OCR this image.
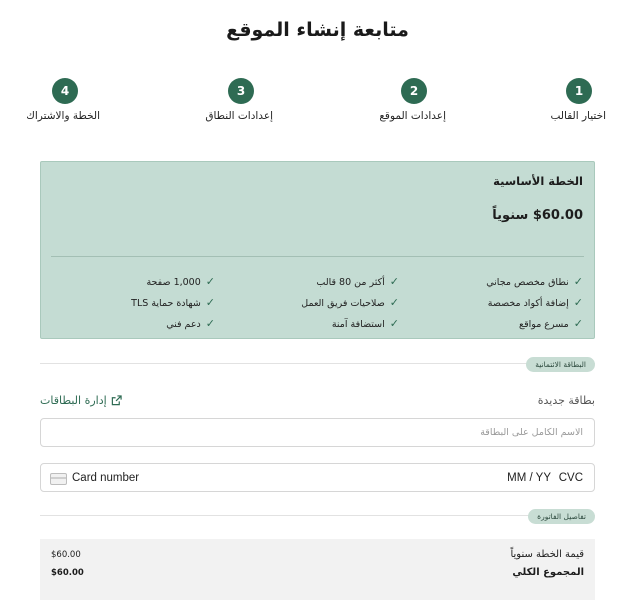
متابعة إنشاء الموقع
1
اختيار القالب
2
إعدادات الموقع
3
إعدادات النطاق
4
الخطة والاشتراك
الخطة الأساسية
$60.00 سنوياً
✓نطاق مخصص مجاني
✓إضافة أكواد مخصصة
✓مسرع مواقع
✓أكثر من 80 قالب
✓صلاحيات فريق العمل
✓استضافة آمنة
✓1,000 صفحة
✓شهادة حماية TLS
✓دعم فني
البطاقة الائتمانية
بطاقة جديدة
إدارة البطاقات
الاسم الكامل على البطاقة
Card number	MM / YY CVC
تفاصيل الفاتورة
قيمة الخطة سنوياً
$60.00
المجموع الكلي
$60.00
